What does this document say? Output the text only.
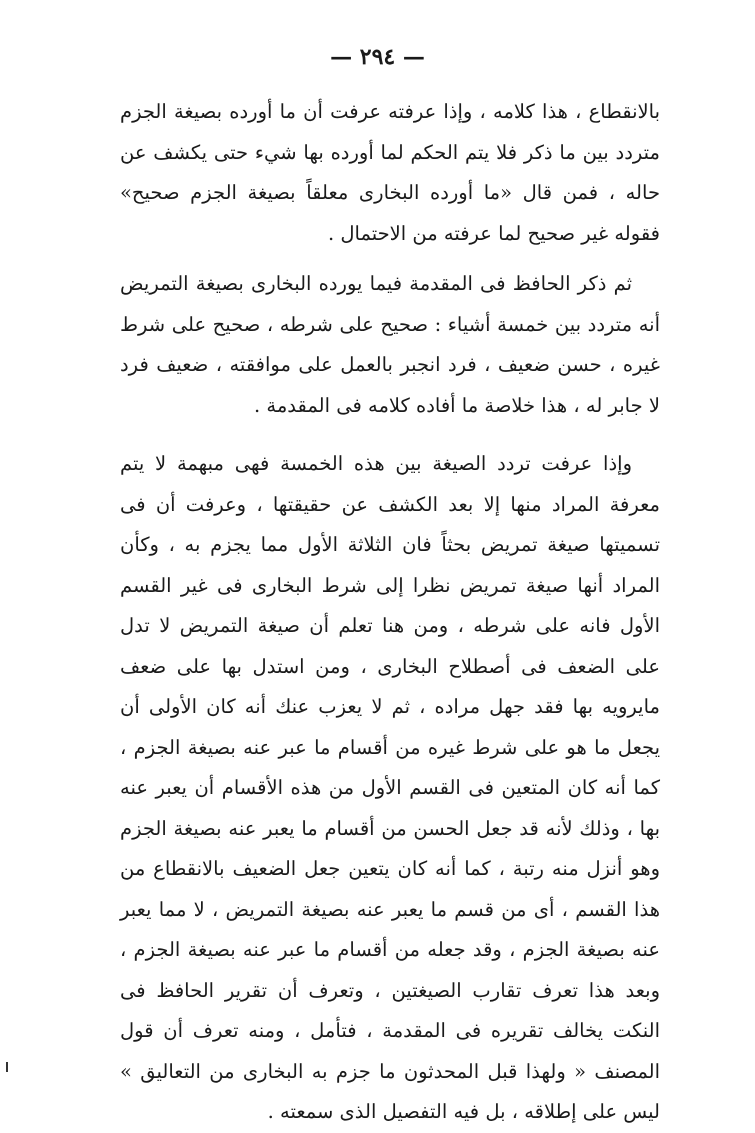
— ٢٩٤ —

بالانقطاع ، هذا كلامه ، وإذا عرفته عرفت أن ما أورده بصيغة الجزم متردد بين ما ذكر فلا يتم الحكم لما أورده بها شيء حتى يكشف عن حاله ، فمن قال «ما أورده البخارى معلقاً بصيغة الجزم صحيح» فقوله غير صحيح لما عرفته من الاحتمال .

ثم ذكر الحافظ فى المقدمة فيما يورده البخارى بصيغة التمريض أنه متردد بين خمسة أشياء : صحيح على شرطه ، صحيح على شرط غيره ، حسن ضعيف ، فرد انجبر بالعمل على موافقته ، ضعيف فرد لا جابر له ، هذا خلاصة ما أفاده كلامه فى المقدمة .

وإذا عرفت تردد الصيغة بين هذه الخمسة فهى مبهمة لا يتم معرفة المراد منها إلا بعد الكشف عن حقيقتها ، وعرفت أن فى تسميتها صيغة تمريض بحثاً فان الثلاثة الأول مما يجزم به ، وكأن المراد أنها صيغة تمريض نظرا إلى شرط البخارى فى غير القسم الأول فانه على شرطه ، ومن هنا تعلم أن صيغة التمريض لا تدل على الضعف فى أصطلاح البخارى ، ومن استدل بها على ضعف مايرويه بها فقد جهل مراده ، ثم لا يعزب عنك أنه كان الأولى أن يجعل ما هو على شرط غيره من أقسام ما عبر عنه بصيغة الجزم ، كما أنه كان المتعين فى القسم الأول من هذه الأقسام أن يعبر عنه بها ، وذلك لأنه قد جعل الحسن من أقسام ما يعبر عنه بصيغة الجزم وهو أنزل منه رتبة ، كما أنه كان يتعين جعل الضعيف بالانقطاع من هذا القسم ، أى من قسم ما يعبر عنه بصيغة التمريض ، لا مما يعبر عنه بصيغة الجزم ، وقد جعله من أقسام ما عبر عنه بصيغة الجزم ، وبعد هذا تعرف تقارب الصيغتين ، وتعرف أن تقرير الحافظ فى النكت يخالف تقريره فى المقدمة ، فتأمل ، ومنه تعرف أن قول المصنف « ولهذا قبل المحدثون ما جزم به البخارى من التعاليق » ليس على إطلاقه ، بل فيه التفصيل الذى سمعته .
